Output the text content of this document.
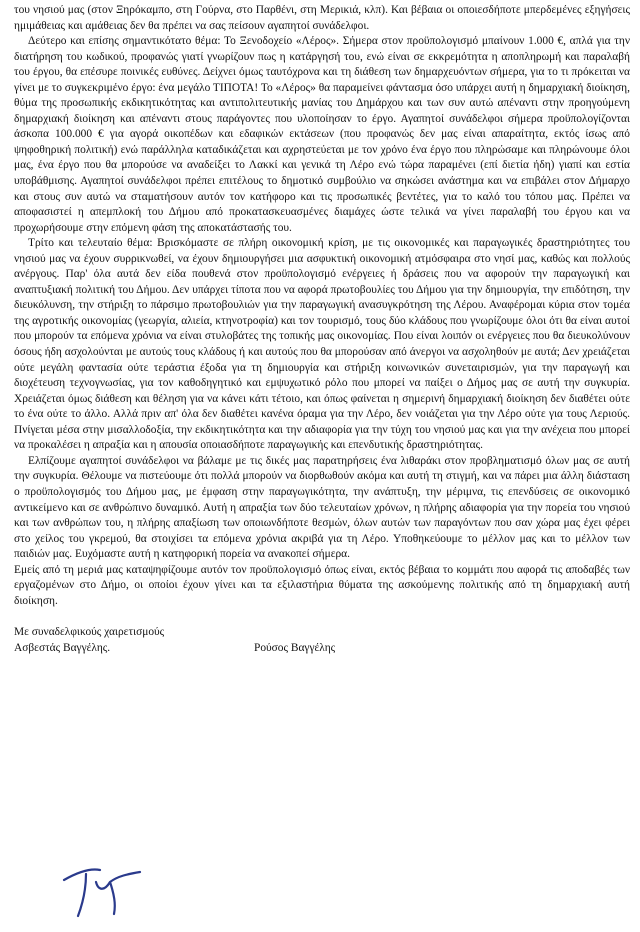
του νησιού μας (στον Ξηρόκαμπο, στη Γούρνα, στο Παρθένι, στη Μερικιά, κλπ). Και βέβαια οι οποιεσδήποτε μπερδεμένες εξηγήσεις ημιμάθειας και αμάθειας δεν θα πρέπει να σας πείσουν αγαπητοί συνάδελφοι.

Δεύτερο και επίσης σημαντικότατο θέμα: Το Ξενοδοχείο «Λέρος». Σήμερα στον προϋπολογισμό μπαίνουν 1.000 €, απλά για την διατήρηση του κωδικού, προφανώς γιατί γνωρίζουν πως η κατάργησή του, ενώ είναι σε εκκρεμότητα η αποπληρωμή και παραλαβή του έργου, θα επέσυρε ποινικές ευθύνες. Δείχνει όμως ταυτόχρονα και τη διάθεση των δημαρχευόντων σήμερα, για το τι πρόκειται να γίνει με το συγκεκριμένο έργο: ένα μεγάλο ΤΙΠΟΤΑ! Το «Λέρος» θα παραμείνει φάντασμα όσο υπάρχει αυτή η δημαρχιακή διοίκηση, θύμα της προσωπικής εκδικητικότητας και αντιπολιτευτικής μανίας του Δημάρχου και των συν αυτώ απέναντι στην προηγούμενη δημαρχιακή διοίκηση και απέναντι στους παράγοντες που υλοποίησαν το έργο. Αγαπητοί συνάδελφοι σήμερα προϋπολογίζονται άσκοπα 100.000 € για αγορά οικοπέδων και εδαφικών εκτάσεων (που προφανώς δεν μας είναι απαραίτητα, εκτός ίσως από ψηφοθηρική πολιτική) ενώ παράλληλα καταδικάζεται και αχρηστεύεται με τον χρόνο ένα έργο που πληρώσαμε και πληρώνουμε όλοι μας, ένα έργο που θα μπορούσε να αναδείξει το Λακκί και γενικά τη Λέρο ενώ τώρα παραμένει (επί διετία ήδη) γιαπί και εστία υποβάθμισης. Αγαπητοί συνάδελφοι πρέπει επιτέλους το δημοτικό συμβούλιο να σηκώσει ανάστημα και να επιβάλει στον Δήμαρχο και στους συν αυτώ να σταματήσουν αυτόν τον κατήφορο και τις προσωπικές βεντέτες, για το καλό του τόπου μας. Πρέπει να αποφασιστεί η απεμπλοκή του Δήμου από προκατασκευασμένες διαμάχες ώστε τελικά να γίνει παραλαβή του έργου και να προχωρήσουμε στην επόμενη φάση της αποκατάστασής του.

Τρίτο και τελευταίο θέμα: Βρισκόμαστε σε πλήρη οικονομική κρίση, με τις οικονομικές και παραγωγικές δραστηριότητες του νησιού μας να έχουν συρρικνωθεί, να έχουν δημιουργήσει μια ασφυκτική οικονομική ατμόσφαιρα στο νησί μας, καθώς και πολλούς ανέργους. Παρ' όλα αυτά δεν είδα πουθενά στον προϋπολογισμό ενέργειες ή δράσεις που να αφορούν την παραγωγική και αναπτυξιακή πολιτική του Δήμου. Δεν υπάρχει τίποτα που να αφορά πρωτοβουλίες του Δήμου για την δημιουργία, την επιδότηση, την διευκόλυνση, την στήριξη το πάρσιμο πρωτοβουλιών για την παραγωγική ανασυγκρότηση της Λέρου. Αναφέρομαι κύρια στον τομέα της αγροτικής οικονομίας (γεωργία, αλιεία, κτηνοτροφία) και τον τουρισμό, τους δύο κλάδους που γνωρίζουμε όλοι ότι θα είναι αυτοί που μπορούν τα επόμενα χρόνια να είναι στυλοβάτες της τοπικής μας οικονομίας. Που είναι λοιπόν οι ενέργειες που θα διευκολύνουν όσους ήδη ασχολούνται με αυτούς τους κλάδους ή και αυτούς που θα μπορούσαν από άνεργοι να ασχοληθούν με αυτά; Δεν χρειάζεται ούτε μεγάλη φαντασία ούτε τεράστια έξοδα για τη δημιουργία και στήριξη κοινωνικών συνεταιρισμών, για την παραγωγή και διοχέτευση τεχνογνωσίας, για τον καθοδηγητικό και εμψυχωτικό ρόλο που μπορεί να παίξει ο Δήμος μας σε αυτή την συγκυρία. Χρειάζεται όμως διάθεση και θέληση για να κάνει κάτι τέτοιο, και όπως φαίνεται η σημερινή δημαρχιακή διοίκηση δεν διαθέτει ούτε το ένα ούτε το άλλο. Αλλά πριν απ' όλα δεν διαθέτει κανένα όραμα για την Λέρο, δεν νοιάζεται για την Λέρο ούτε για τους Λεριούς. Πνίγεται μέσα στην μισαλλοδοξία, την εκδικητικότητα και την αδιαφορία για την τύχη του νησιού μας και για την ανέχεια που μπορεί να προκαλέσει η απραξία και η απουσία οποιασδήποτε παραγωγικής και επενδυτικής δραστηριότητας.

Ελπίζουμε αγαπητοί συνάδελφοι να βάλαμε με τις δικές μας παρατηρήσεις ένα λιθαράκι στον προβληματισμό όλων μας σε αυτή την συγκυρία. Θέλουμε να πιστεύουμε ότι πολλά μπορούν να διορθωθούν ακόμα και αυτή τη στιγμή, και να πάρει μια άλλη διάσταση ο προϋπολογισμός του Δήμου μας, με έμφαση στην παραγωγικότητα, την ανάπτυξη, την μέριμνα, τις επενδύσεις σε οικονομικό αντικείμενο και σε ανθρώπινο δυναμικό. Αυτή η απραξία των δύο τελευταίων χρόνων, η πλήρης αδιαφορία για την πορεία του νησιού και των ανθρώπων του, η πλήρης απαξίωση των οποιωνδήποτε θεσμών, όλων αυτών των παραγόντων που σαν χώρα μας έχει φέρει στο χείλος του γκρεμού, θα στοιχίσει τα επόμενα χρόνια ακριβά για τη Λέρο. Υποθηκεύουμε το μέλλον μας και το μέλλον των παιδιών μας. Ευχόμαστε αυτή η κατηφορική πορεία να ανακοπεί σήμερα.

Εμείς από τη μεριά μας καταψηφίζουμε αυτόν τον προϋπολογισμό όπως είναι, εκτός βέβαια το κομμάτι που αφορά τις αποδαβές των εργαζομένων στο Δήμο, οι οποίοι έχουν γίνει και τα εξιλαστήρια θύματα της ασκούμενης πολιτικής από τη δημαρχιακή αυτή διοίκηση.

Με συναδελφικούς χαιρετισμούς

Ασβεστάς Βαγγέλης.	Ρούσος Βαγγέλης
